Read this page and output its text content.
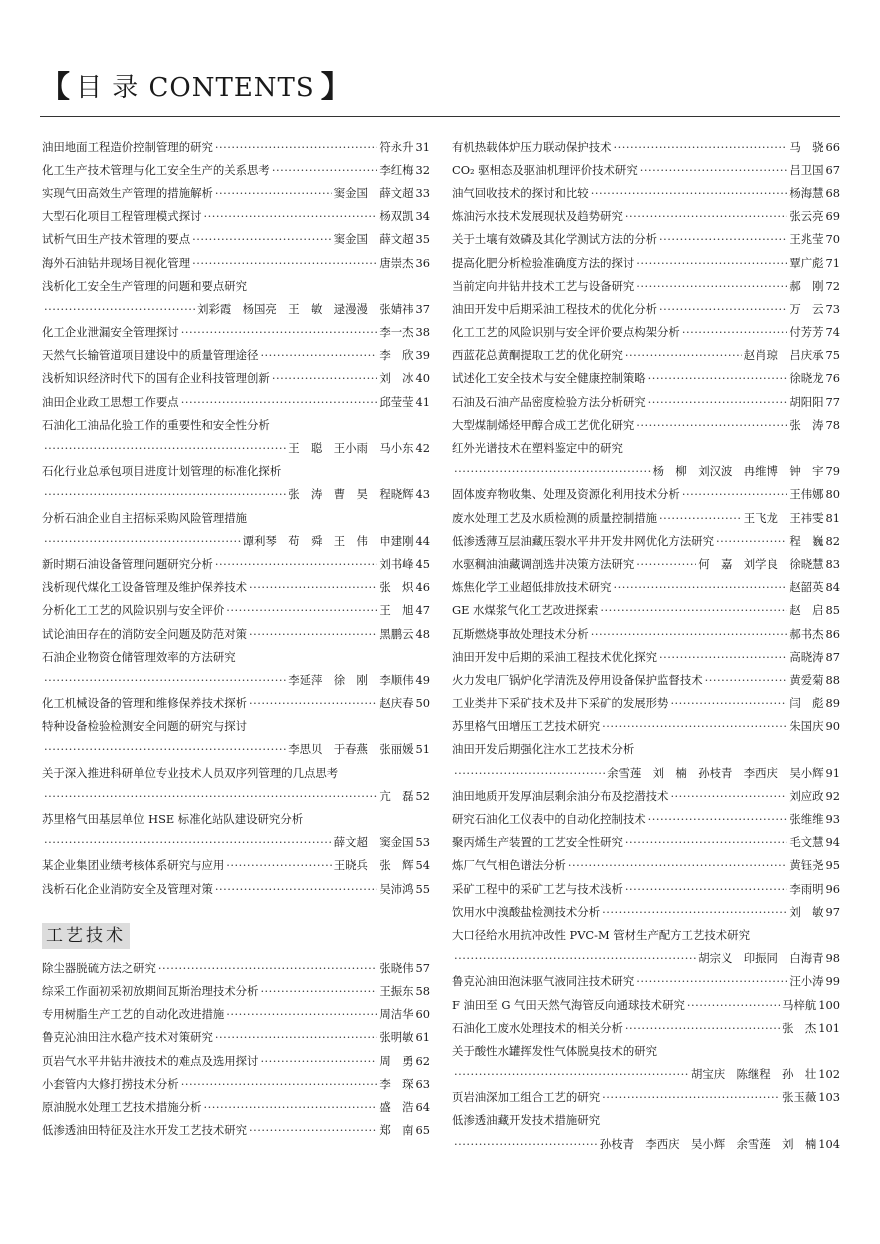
【 目 录 CONTENTS 】
油田地面工程造价控制管理的研究 ·····	符永升 31
化工生产技术管理与化工安全生产的关系思考 ·····	李红梅 32
实现气田高效生产管理的措施解析 ·····	窦金国　薛文超 33
大型石化项目工程管理模式探讨 ·····	杨双凯 34
试析气田生产技术管理的要点 ·····	窦金国　薛文超 35
海外石油钻井现场目视化管理 ·····	唐崇杰 36
浅析化工安全生产管理的问题和要点研究
·····
刘彩霞　杨国亮　王　敏　逯漫漫　张婧祎 37
化工企业泄漏安全管理探讨 ·····	李一杰 38
天然气长输管道项目建设中的质量管理途径 ·····	李　欣 39
浅析知识经济时代下的国有企业科技管理创新 ·····	刘　冰 40
油田企业政工思想工作要点 ·····	邱莹莹 41
石油化工油品化验工作的重要性和安全性分析
·····
王　聪　王小雨　马小东 42
石化行业总承包项目进度计划管理的标准化探析
·····
张　涛　曹　昊　程晓辉 43
分析石油企业自主招标采购风险管理措施
·····
谭利琴　苟　舜　王　伟　申建刚 44
新时期石油设备管理问题研究分析 ·····	刘书峰 45
浅析现代煤化工设备管理及维护保养技术 ·····	张　炽 46
分析化工工艺的风险识别与安全评价 ·····	王　旭 47
试论油田存在的消防安全问题及防范对策 ·····	黑鹏云 48
石油企业物资仓储管理效率的方法研究
·····
李延萍　徐　刚　李顺伟 49
化工机械设备的管理和维修保养技术探析 ·····	赵庆春 50
特种设备检验检测安全问题的研究与探讨
·····
李思贝　于春燕　张丽媛 51
关于深入推进科研单位专业技术人员双序列管理的几点思考
·····
亢　磊 52
苏里格气田基层单位 HSE 标准化站队建设研究分析
·····
薛文超　窦金国 53
某企业集团业绩考核体系研究与应用 ·····	王晓兵　张　辉 54
浅析石化企业消防安全及管理对策 ·····	吴沛鸿 55
工艺技术
除尘器脱硫方法之研究 ·····	张晓伟 57
综采工作面初采初放期间瓦斯治理技术分析 ·····	王振东 58
专用树脂生产工艺的自动化改进措施 ·····	周洁华 60
鲁克沁油田注水稳产技术对策研究 ·····	张明敏 61
页岩气水平井钻井液技术的难点及选用探讨 ·····	周　勇 62
小套管内大修打捞技术分析 ·····	李　琛 63
原油脱水处理工艺技术措施分析 ·····	盛　浩 64
低渗透油田特征及注水开发工艺技术研究 ·····	郑　南 65
有机热载体炉压力联动保护技术 ·····	马　骁 66
CO₂ 驱相态及驱油机理评价技术研究 ·····	吕卫国 67
油气回收技术的探讨和比较 ·····	杨海慧 68
炼油污水技术发展现状及趋势研究 ·····	张云亮 69
关于土壤有效磷及其化学测试方法的分析 ·····	王兆莹 70
提高化肥分析检验准确度方法的探讨 ·····	覃广彪 71
当前定向井钻井技术工艺与设备研究 ·····	郝　刚 72
油田开发中后期采油工程技术的优化分析 ·····	万　云 73
化工工艺的风险识别与安全评价要点构架分析 ·····	付芳芳 74
西蓝花总黄酮提取工艺的优化研究 ·····	赵肖琼　吕庆承 75
试述化工安全技术与安全健康控制策略 ·····	徐晓龙 76
石油及石油产品密度检验方法分析研究 ·····	胡阳阳 77
大型煤制烯烃甲醇合成工艺优化研究 ·····	张　涛 78
红外光谱技术在塑料鉴定中的研究
·····
杨　柳　刘汉波　冉维博　钟　宇 79
固体废弃物收集、处理及资源化利用技术分析 ·····	王伟娜 80
废水处理工艺及水质检测的质量控制措施 ·····	王飞龙　王祎雯 81
低渗透薄互层油藏压裂水平井开发井网优化方法研究 ·····	程　巍 82
水驱稠油油藏调剖选井决策方法研究 ·····	何　嘉　刘学良　徐晓慧 83
炼焦化学工业超低排放技术研究 ·····	赵韶英 84
GE 水煤浆气化工艺改进探索 ·····	赵　启 85
瓦斯燃烧事故处理技术分析 ·····	郝书杰 86
油田开发中后期的采油工程技术优化探究 ·····	高晓涛 87
火力发电厂锅炉化学清洗及停用设备保护监督技术 ·····	黄爱菊 88
工业类井下采矿技术及井下采矿的发展形势 ·····	闫　彪 89
苏里格气田增压工艺技术研究 ·····	朱国庆 90
油田开发后期强化注水工艺技术分析
·····
余雪莲　刘　楠　孙枝青　李西庆　吴小辉 91
油田地质开发厚油层剩余油分布及挖潜技术 ·····	刘应政 92
研究石油化工仪表中的自动化控制技术 ·····	张维维 93
聚丙烯生产装置的工艺安全性研究 ·····	毛文慧 94
炼厂气气相色谱法分析 ·····	黄钰尧 95
采矿工程中的采矿工艺与技术浅析 ·····	李雨明 96
饮用水中溴酸盐检测技术分析 ·····	刘　敏 97
大口径给水用抗冲改性 PVC-M 管材生产配方工艺技术研究
·····
胡宗义　印振同　白海青 98
鲁克沁油田泡沫驱气液同注技术研究 ·····	汪小涛 99
F 油田至 G 气田天然气海管反向通球技术研究 ·····	马梓航 100
石油化工废水处理技术的相关分析 ·····	张　杰 101
关于酸性水罐挥发性气体脱臭技术的研究
·····
胡宝庆　陈继程　孙　壮 102
页岩油深加工组合工艺的研究 ·····	张玉薇 103
低渗透油藏开发技术措施研究
·····
孙枝青　李西庆　吴小辉　余雪莲　刘　楠 104
